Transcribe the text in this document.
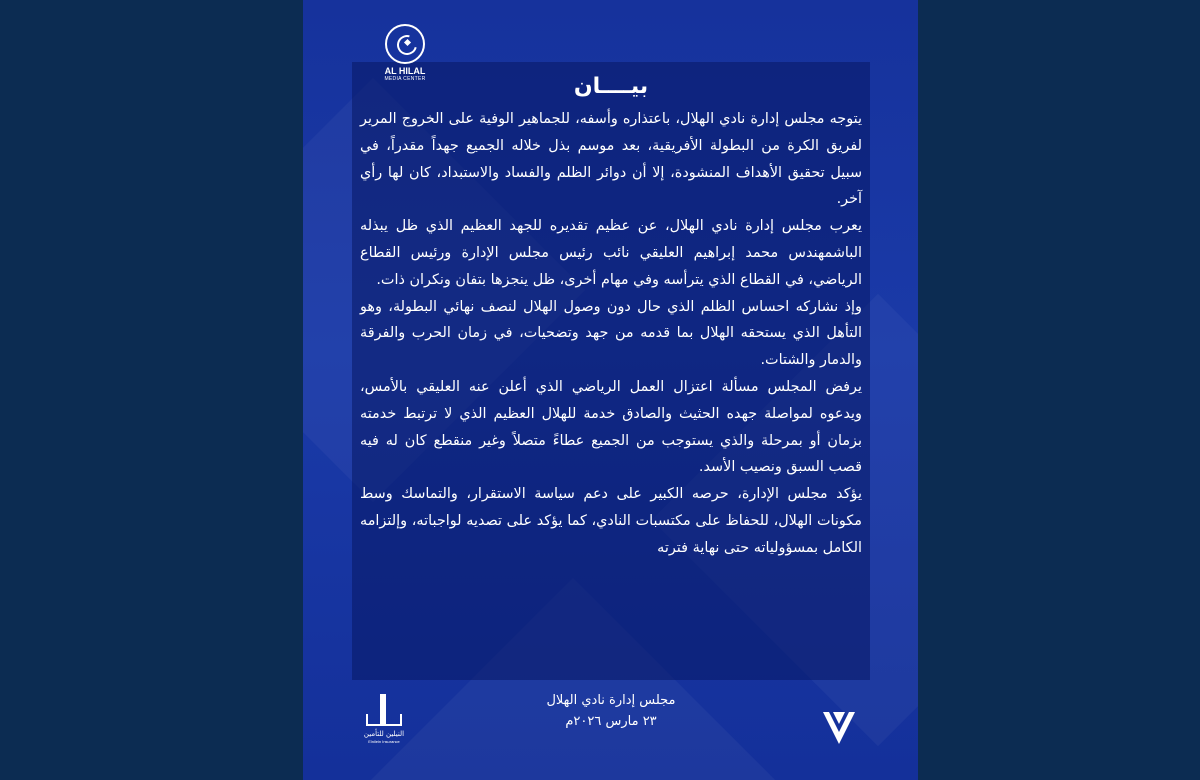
AL HILAL
MEDIA CENTER	بيــــان

يتوجه مجلس إدارة نادي الهلال، باعتذاره وأسفه، للجماهير الوفية على الخروج المرير لفريق الكرة من البطولة الأفريقية، بعد موسم بذل خلاله الجميع جهداً مقدراً، في سبيل تحقيق الأهداف المنشودة، إلا أن دوائر الظلم والفساد والاستبداد، كان لها رأي آخر.

يعرب مجلس إدارة نادي الهلال، عن عظيم تقديره للجهد العظيم الذي ظل يبذله الباشمهندس محمد إبراهيم العليقي نائب رئيس مجلس الإدارة ورئيس القطاع الرياضي، في القطاع الذي يترأسه وفي مهام أخرى، ظل ينجزها بتفان ونكران ذات.

وإذ نشاركه احساس الظلم الذي حال دون وصول الهلال لنصف نهائي البطولة، وهو التأهل الذي يستحقه الهلال بما قدمه من جهد وتضحيات، في زمان الحرب والفرقة والدمار والشتات.

يرفض المجلس مسألة اعتزال العمل الرياضي الذي أعلن عنه العليقي بالأمس، ويدعوه لمواصلة جهده الحثيث والصادق خدمة للهلال العظيم الذي لا ترتبط خدمته بزمان أو بمرحلة والذي يستوجب من الجميع عطاءً متصلاً وغير منقطع كان له فيه قصب السبق ونصيب الأسد.

يؤكد مجلس الإدارة، حرصه الكبير على دعم سياسة الاستقرار، والتماسك وسط مكونات الهلال، للحفاظ على مكتسبات النادي، كما يؤكد على تصديه لواجباته، وإلتزامه الكامل بمسؤولياته حتى نهاية فترته

مجلس إدارة نادي الهلال
٢٣ مارس ٢٠٢٦م
النيلين للتأمين
Elnilein Insurance
